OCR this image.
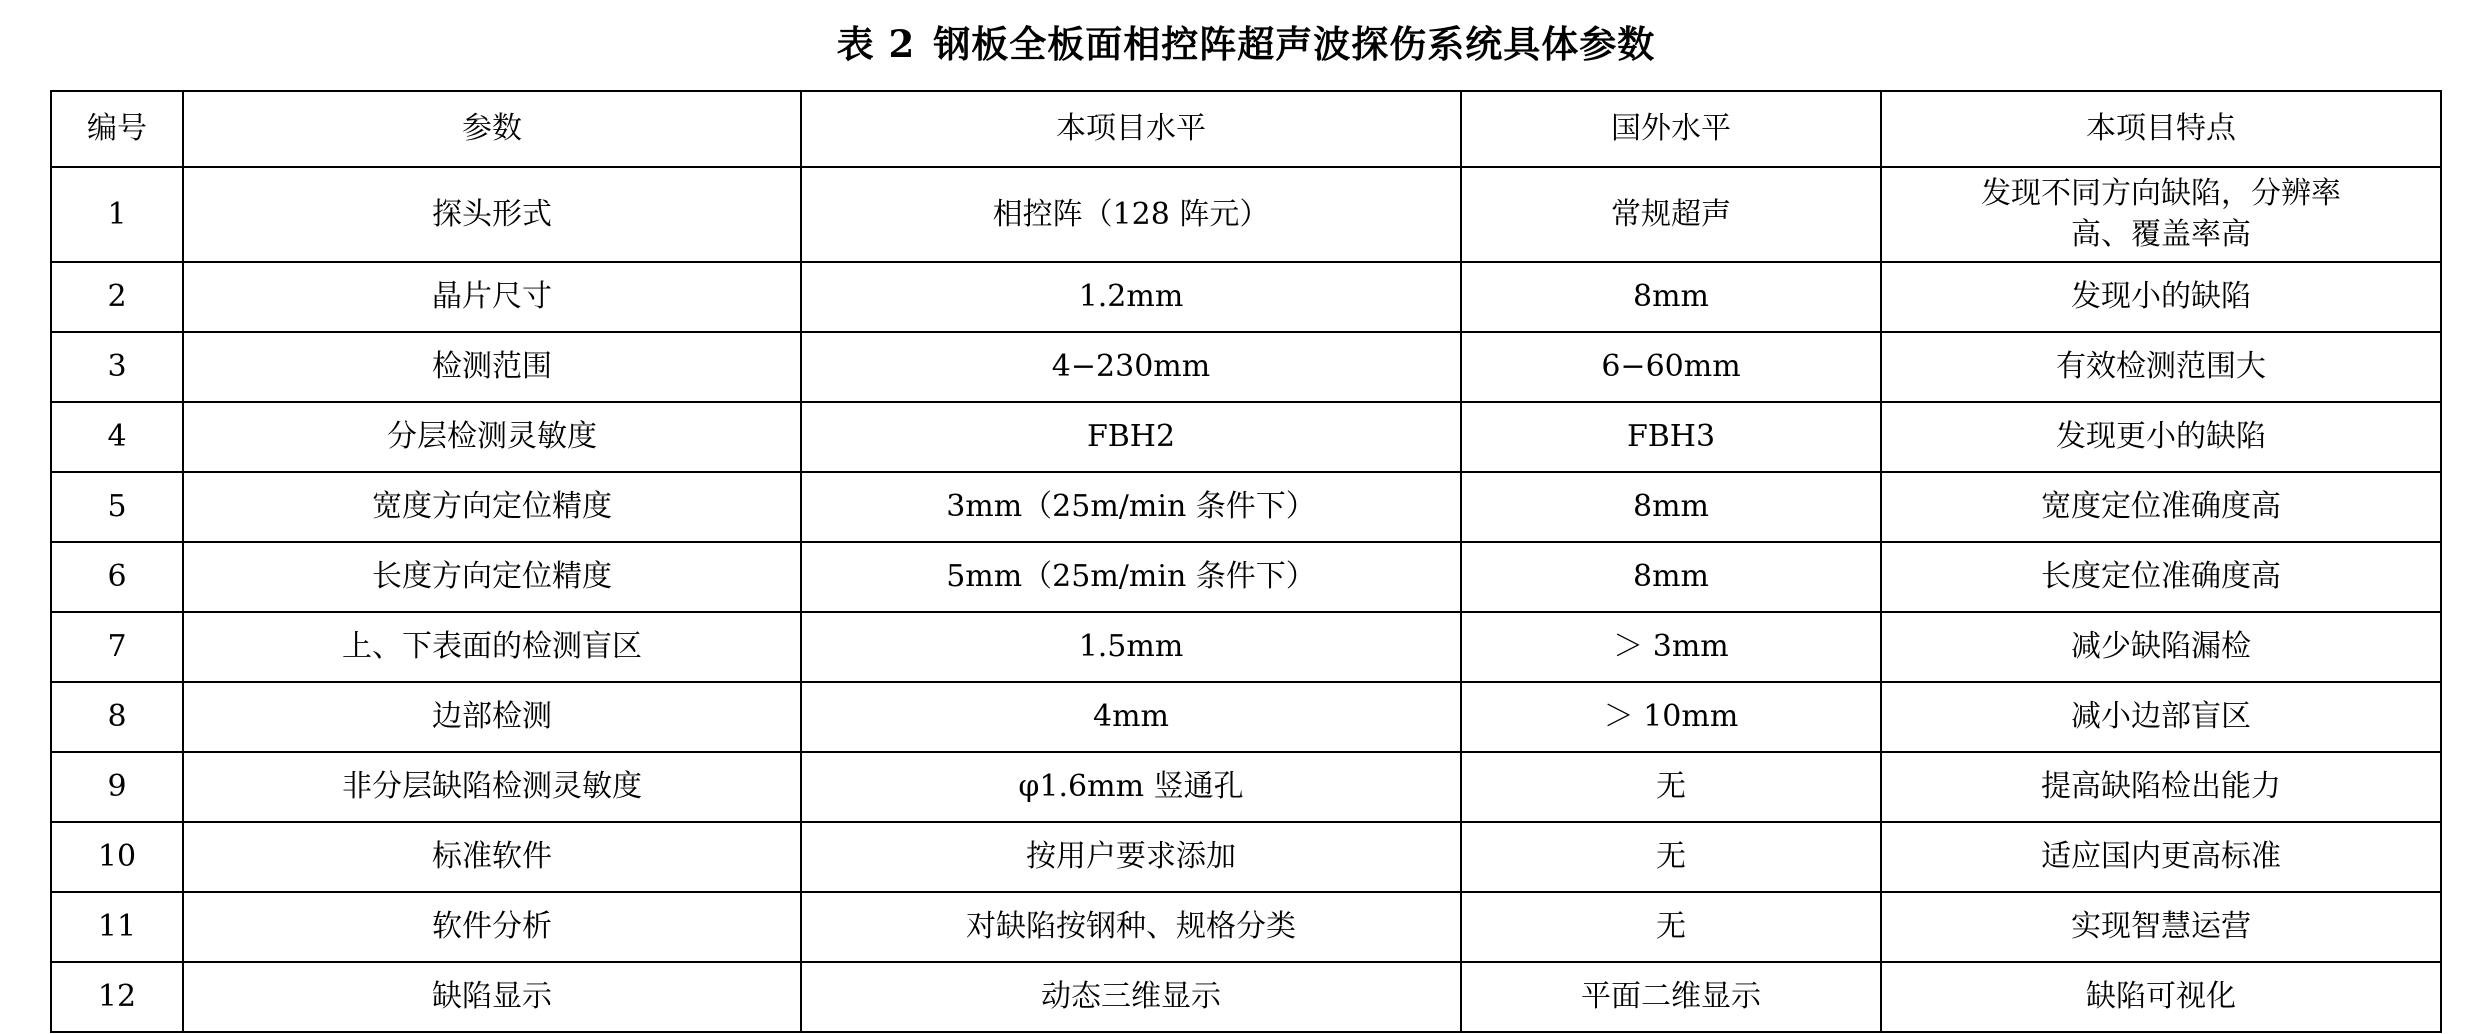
表 2 钢板全板面相控阵超声波探伤系统具体参数
编号	参数	本项目水平	国外水平	本项目特点
1	探头形式	相控阵（128 阵元）	常规超声	发现不同方向缺陷，分辨率
高、覆盖率高

2	晶片尺寸	1.2mm	8mm	发现小的缺陷
3	检测范围	4−230mm	6−60mm	有效检测范围大
4	分层检测灵敏度	FBH2	FBH3	发现更小的缺陷
5	宽度方向定位精度	3mm（25m/min 条件下）	8mm	宽度定位准确度高
6	长度方向定位精度	5mm（25m/min 条件下）	8mm	长度定位准确度高
7	上、下表面的检测盲区	1.5mm	＞ 3mm	减少缺陷漏检
8	边部检测	4mm	＞ 10mm	减小边部盲区
9	非分层缺陷检测灵敏度	φ1.6mm 竖通孔	无	提高缺陷检出能力
10	标准软件	按用户要求添加	无	适应国内更高标准
11	软件分析	对缺陷按钢种、规格分类	无	实现智慧运营
12	缺陷显示	动态三维显示	平面二维显示	缺陷可视化
